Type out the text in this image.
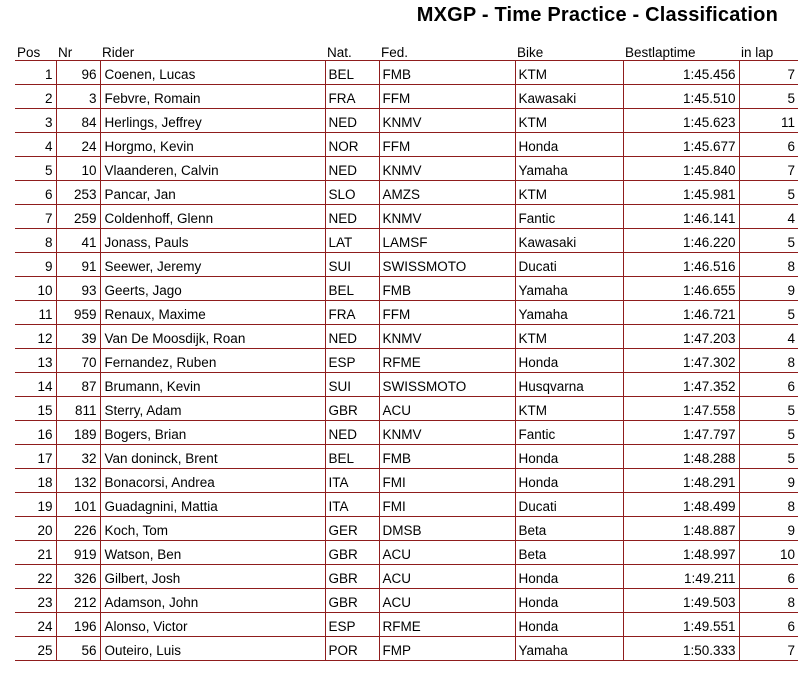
MXGP - Time Practice - Classification
Pos	Nr	Rider	Nat.	Fed.	Bike	Bestlaptime	in lap
1	96	Coenen, Lucas	BEL	FMB	KTM	1:45.456	7
2	3	Febvre, Romain	FRA	FFM	Kawasaki	1:45.510	5
3	84	Herlings, Jeffrey	NED	KNMV	KTM	1:45.623	11
4	24	Horgmo, Kevin	NOR	FFM	Honda	1:45.677	6
5	10	Vlaanderen, Calvin	NED	KNMV	Yamaha	1:45.840	7
6	253	Pancar, Jan	SLO	AMZS	KTM	1:45.981	5
7	259	Coldenhoff, Glenn	NED	KNMV	Fantic	1:46.141	4
8	41	Jonass, Pauls	LAT	LAMSF	Kawasaki	1:46.220	5
9	91	Seewer, Jeremy	SUI	SWISSMOTO	Ducati	1:46.516	8
10	93	Geerts, Jago	BEL	FMB	Yamaha	1:46.655	9
11	959	Renaux, Maxime	FRA	FFM	Yamaha	1:46.721	5
12	39	Van De Moosdijk, Roan	NED	KNMV	KTM	1:47.203	4
13	70	Fernandez, Ruben	ESP	RFME	Honda	1:47.302	8
14	87	Brumann, Kevin	SUI	SWISSMOTO	Husqvarna	1:47.352	6
15	811	Sterry, Adam	GBR	ACU	KTM	1:47.558	5
16	189	Bogers, Brian	NED	KNMV	Fantic	1:47.797	5
17	32	Van doninck, Brent	BEL	FMB	Honda	1:48.288	5
18	132	Bonacorsi, Andrea	ITA	FMI	Honda	1:48.291	9
19	101	Guadagnini, Mattia	ITA	FMI	Ducati	1:48.499	8
20	226	Koch, Tom	GER	DMSB	Beta	1:48.887	9
21	919	Watson, Ben	GBR	ACU	Beta	1:48.997	10
22	326	Gilbert, Josh	GBR	ACU	Honda	1:49.211	6
23	212	Adamson, John	GBR	ACU	Honda	1:49.503	8
24	196	Alonso, Victor	ESP	RFME	Honda	1:49.551	6
25	56	Outeiro, Luis	POR	FMP	Yamaha	1:50.333	7
